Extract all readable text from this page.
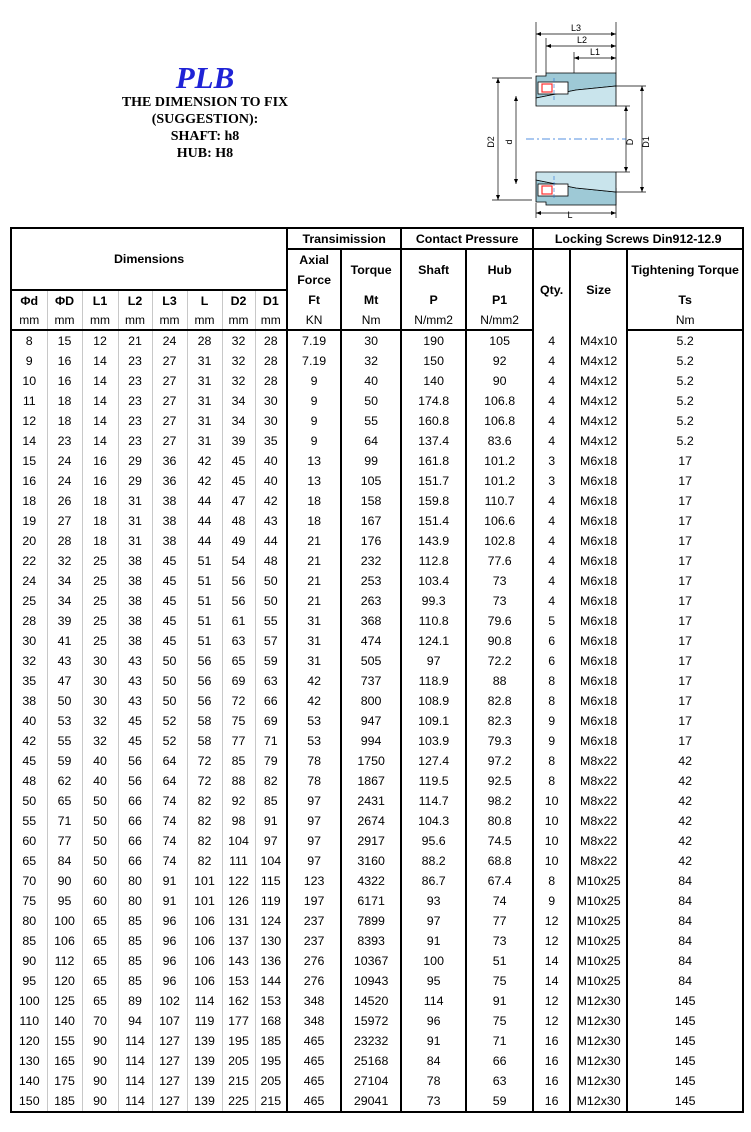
PLB
THE DIMENSION TO FIX
(SUGGESTION):
SHAFT: h8
HUB: H8
L3
L2
L1
L
D2 d	D D1
Dimensions								Transimission		Contact Pressure		Locking Screws Din912-12.9		
								Axial Force	Torque	Shaft	Hub	Qty.	Size	Tightening Torque

Φd	ΦD	L1	L2	L3	L	D2	D1	Ft	Mt	P	P1			Ts
mm	mm	mm	mm	mm	mm	mm	mm	KN	Nm	N/mm2	N/mm2			Nm
8	15	12	21	24	28	32	28	7.19	30	190	105	4	M4x10	5.2
9	16	14	23	27	31	32	28	7.19	32	150	92	4	M4x12	5.2
10	16	14	23	27	31	32	28	9	40	140	90	4	M4x12	5.2
11	18	14	23	27	31	34	30	9	50	174.8	106.8	4	M4x12	5.2
12	18	14	23	27	31	34	30	9	55	160.8	106.8	4	M4x12	5.2
14	23	14	23	27	31	39	35	9	64	137.4	83.6	4	M4x12	5.2
15	24	16	29	36	42	45	40	13	99	161.8	101.2	3	M6x18	17
16	24	16	29	36	42	45	40	13	105	151.7	101.2	3	M6x18	17
18	26	18	31	38	44	47	42	18	158	159.8	110.7	4	M6x18	17
19	27	18	31	38	44	48	43	18	167	151.4	106.6	4	M6x18	17
20	28	18	31	38	44	49	44	21	176	143.9	102.8	4	M6x18	17
22	32	25	38	45	51	54	48	21	232	112.8	77.6	4	M6x18	17
24	34	25	38	45	51	56	50	21	253	103.4	73	4	M6x18	17
25	34	25	38	45	51	56	50	21	263	99.3	73	4	M6x18	17
28	39	25	38	45	51	61	55	31	368	110.8	79.6	5	M6x18	17
30	41	25	38	45	51	63	57	31	474	124.1	90.8	6	M6x18	17
32	43	30	43	50	56	65	59	31	505	97	72.2	6	M6x18	17
35	47	30	43	50	56	69	63	42	737	118.9	88	8	M6x18	17
38	50	30	43	50	56	72	66	42	800	108.9	82.8	8	M6x18	17
40	53	32	45	52	58	75	69	53	947	109.1	82.3	9	M6x18	17
42	55	32	45	52	58	77	71	53	994	103.9	79.3	9	M6x18	17
45	59	40	56	64	72	85	79	78	1750	127.4	97.2	8	M8x22	42
48	62	40	56	64	72	88	82	78	1867	119.5	92.5	8	M8x22	42
50	65	50	66	74	82	92	85	97	2431	114.7	98.2	10	M8x22	42
55	71	50	66	74	82	98	91	97	2674	104.3	80.8	10	M8x22	42
60	77	50	66	74	82	104	97	97	2917	95.6	74.5	10	M8x22	42
65	84	50	66	74	82	111	104	97	3160	88.2	68.8	10	M8x22	42
70	90	60	80	91	101	122	115	123	4322	86.7	67.4	8	M10x25	84
75	95	60	80	91	101	126	119	197	6171	93	74	9	M10x25	84
80	100	65	85	96	106	131	124	237	7899	97	77	12	M10x25	84
85	106	65	85	96	106	137	130	237	8393	91	73	12	M10x25	84
90	112	65	85	96	106	143	136	276	10367	100	51	14	M10x25	84
95	120	65	85	96	106	153	144	276	10943	95	75	14	M10x25	84
100	125	65	89	102	114	162	153	348	14520	114	91	12	M12x30	145
110	140	70	94	107	119	177	168	348	15972	96	75	12	M12x30	145
120	155	90	114	127	139	195	185	465	23232	91	71	16	M12x30	145
130	165	90	114	127	139	205	195	465	25168	84	66	16	M12x30	145
140	175	90	114	127	139	215	205	465	27104	78	63	16	M12x30	145
150	185	90	114	127	139	225	215	465	29041	73	59	16	M12x30	145
